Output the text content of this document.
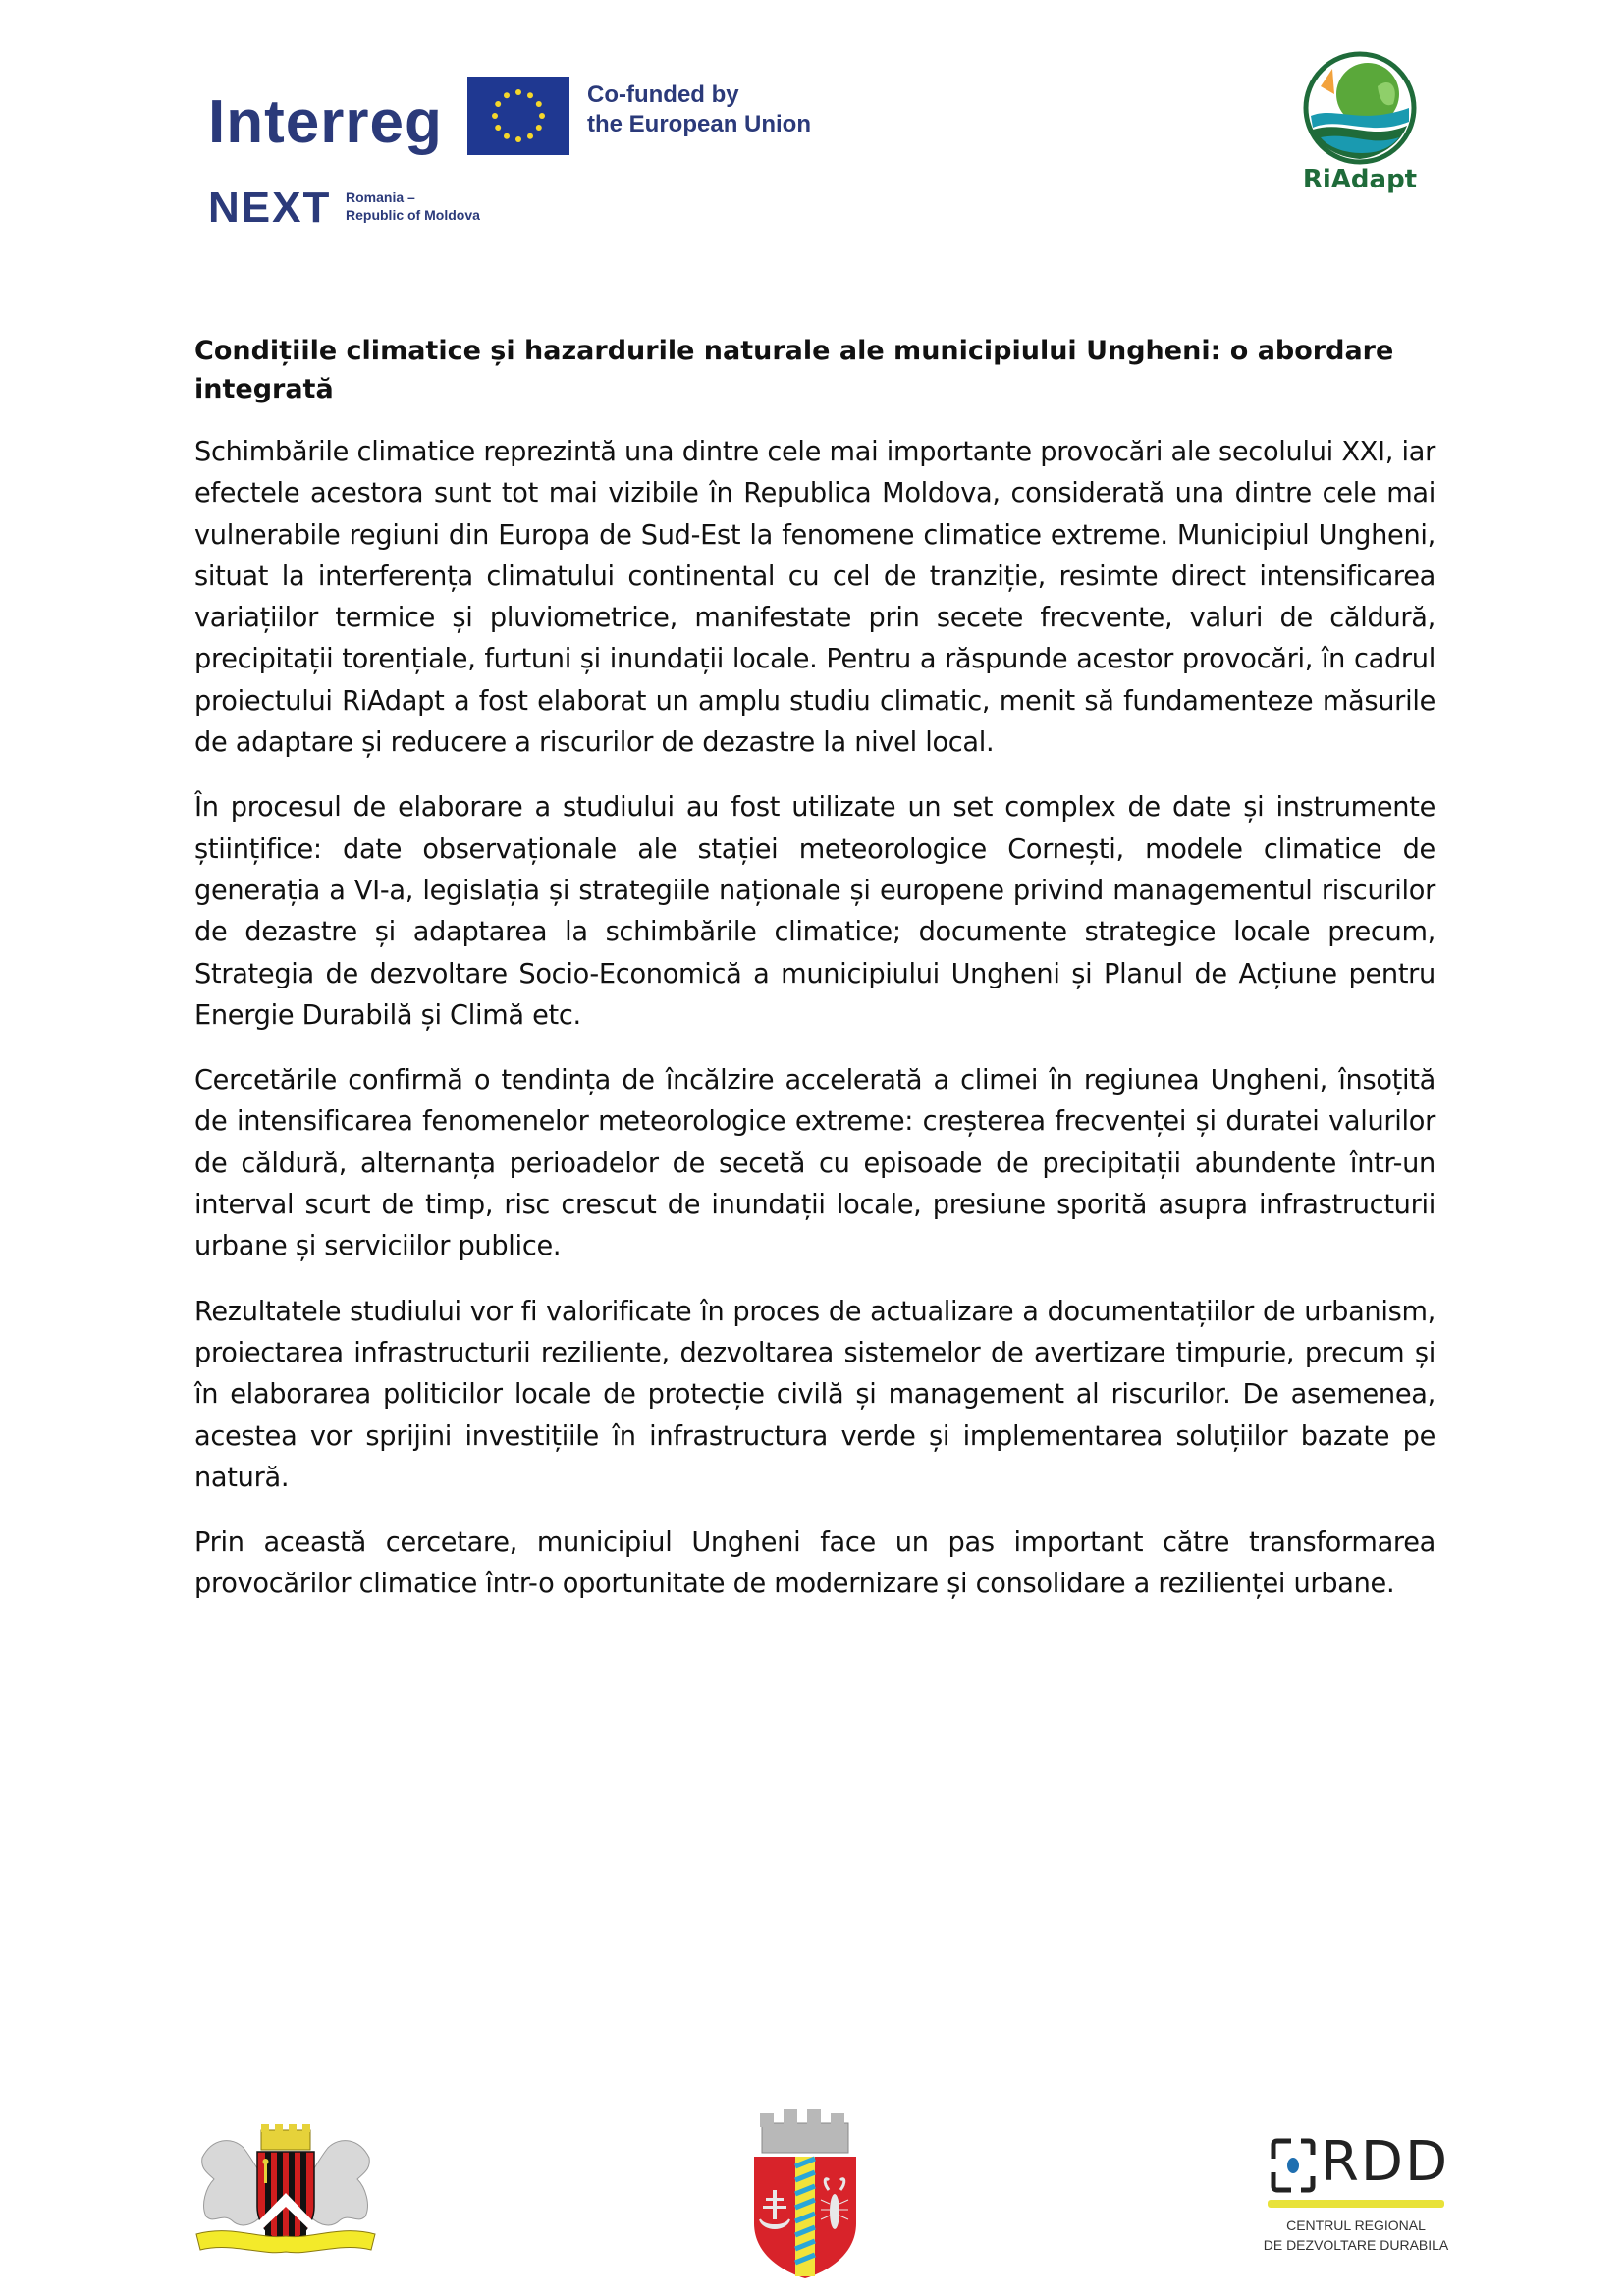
Interreg	Co-funded by
the European Union
NEXT Romania –
Republic of Moldova
RiAdapt
Condițiile climatice și hazardurile naturale ale municipiului Ungheni: o abordare integrată

Schimbările climatice reprezintă una dintre cele mai importante provocări ale secolului XXI, iar efectele acestora sunt tot mai vizibile în Republica Moldova, considerată una dintre cele mai vulnerabile regiuni din Europa de Sud-Est la fenomene climatice extreme. Municipiul Ungheni, situat la interferența climatului continental cu cel de tranziție, resimte direct intensificarea variațiilor termice și pluviometrice, manifestate prin secete frecvente, valuri de căldură, precipitații torențiale, furtuni și inundații locale. Pentru a răspunde acestor provocări, în cadrul proiectului RiAdapt a fost elaborat un amplu studiu climatic, menit să fundamenteze măsurile de adaptare și reducere a riscurilor de dezastre la nivel local.

În procesul de elaborare a studiului au fost utilizate un set complex de date și instrumente științifice: date observaționale ale stației meteorologice Cornești, modele climatice de generația a VI-a, legislația și strategiile naționale și europene privind managementul riscurilor de dezastre și adaptarea la schimbările climatice; documente strategice locale precum, Strategia de dezvoltare Socio-Economică a municipiului Ungheni și Planul de Acțiune pentru Energie Durabilă și Climă etc.

Cercetările confirmă o tendința de încălzire accelerată a climei în regiunea Ungheni, însoțită de intensificarea fenomenelor meteorologice extreme: creșterea frecvenței și duratei valurilor de căldură, alternanța perioadelor de secetă cu episoade de precipitații abundente într-un interval scurt de timp, risc crescut de inundații locale, presiune sporită asupra infrastructurii urbane și serviciilor publice.

Rezultatele studiului vor fi valorificate în proces de actualizare a documentațiilor de urbanism, proiectarea infrastructurii reziliente, dezvoltarea sistemelor de avertizare timpurie, precum și în elaborarea politicilor locale de protecție civilă și management al riscurilor. De asemenea, acestea vor sprijini investițiile în infrastructura verde și implementarea soluțiilor bazate pe natură.

Prin această cercetare, municipiul Ungheni face un pas important către transformarea provocărilor climatice într-o oportunitate de modernizare și consolidare a rezilienței urbane.

RDD
CENTRUL REGIONAL
DE DEZVOLTARE DURABILA
